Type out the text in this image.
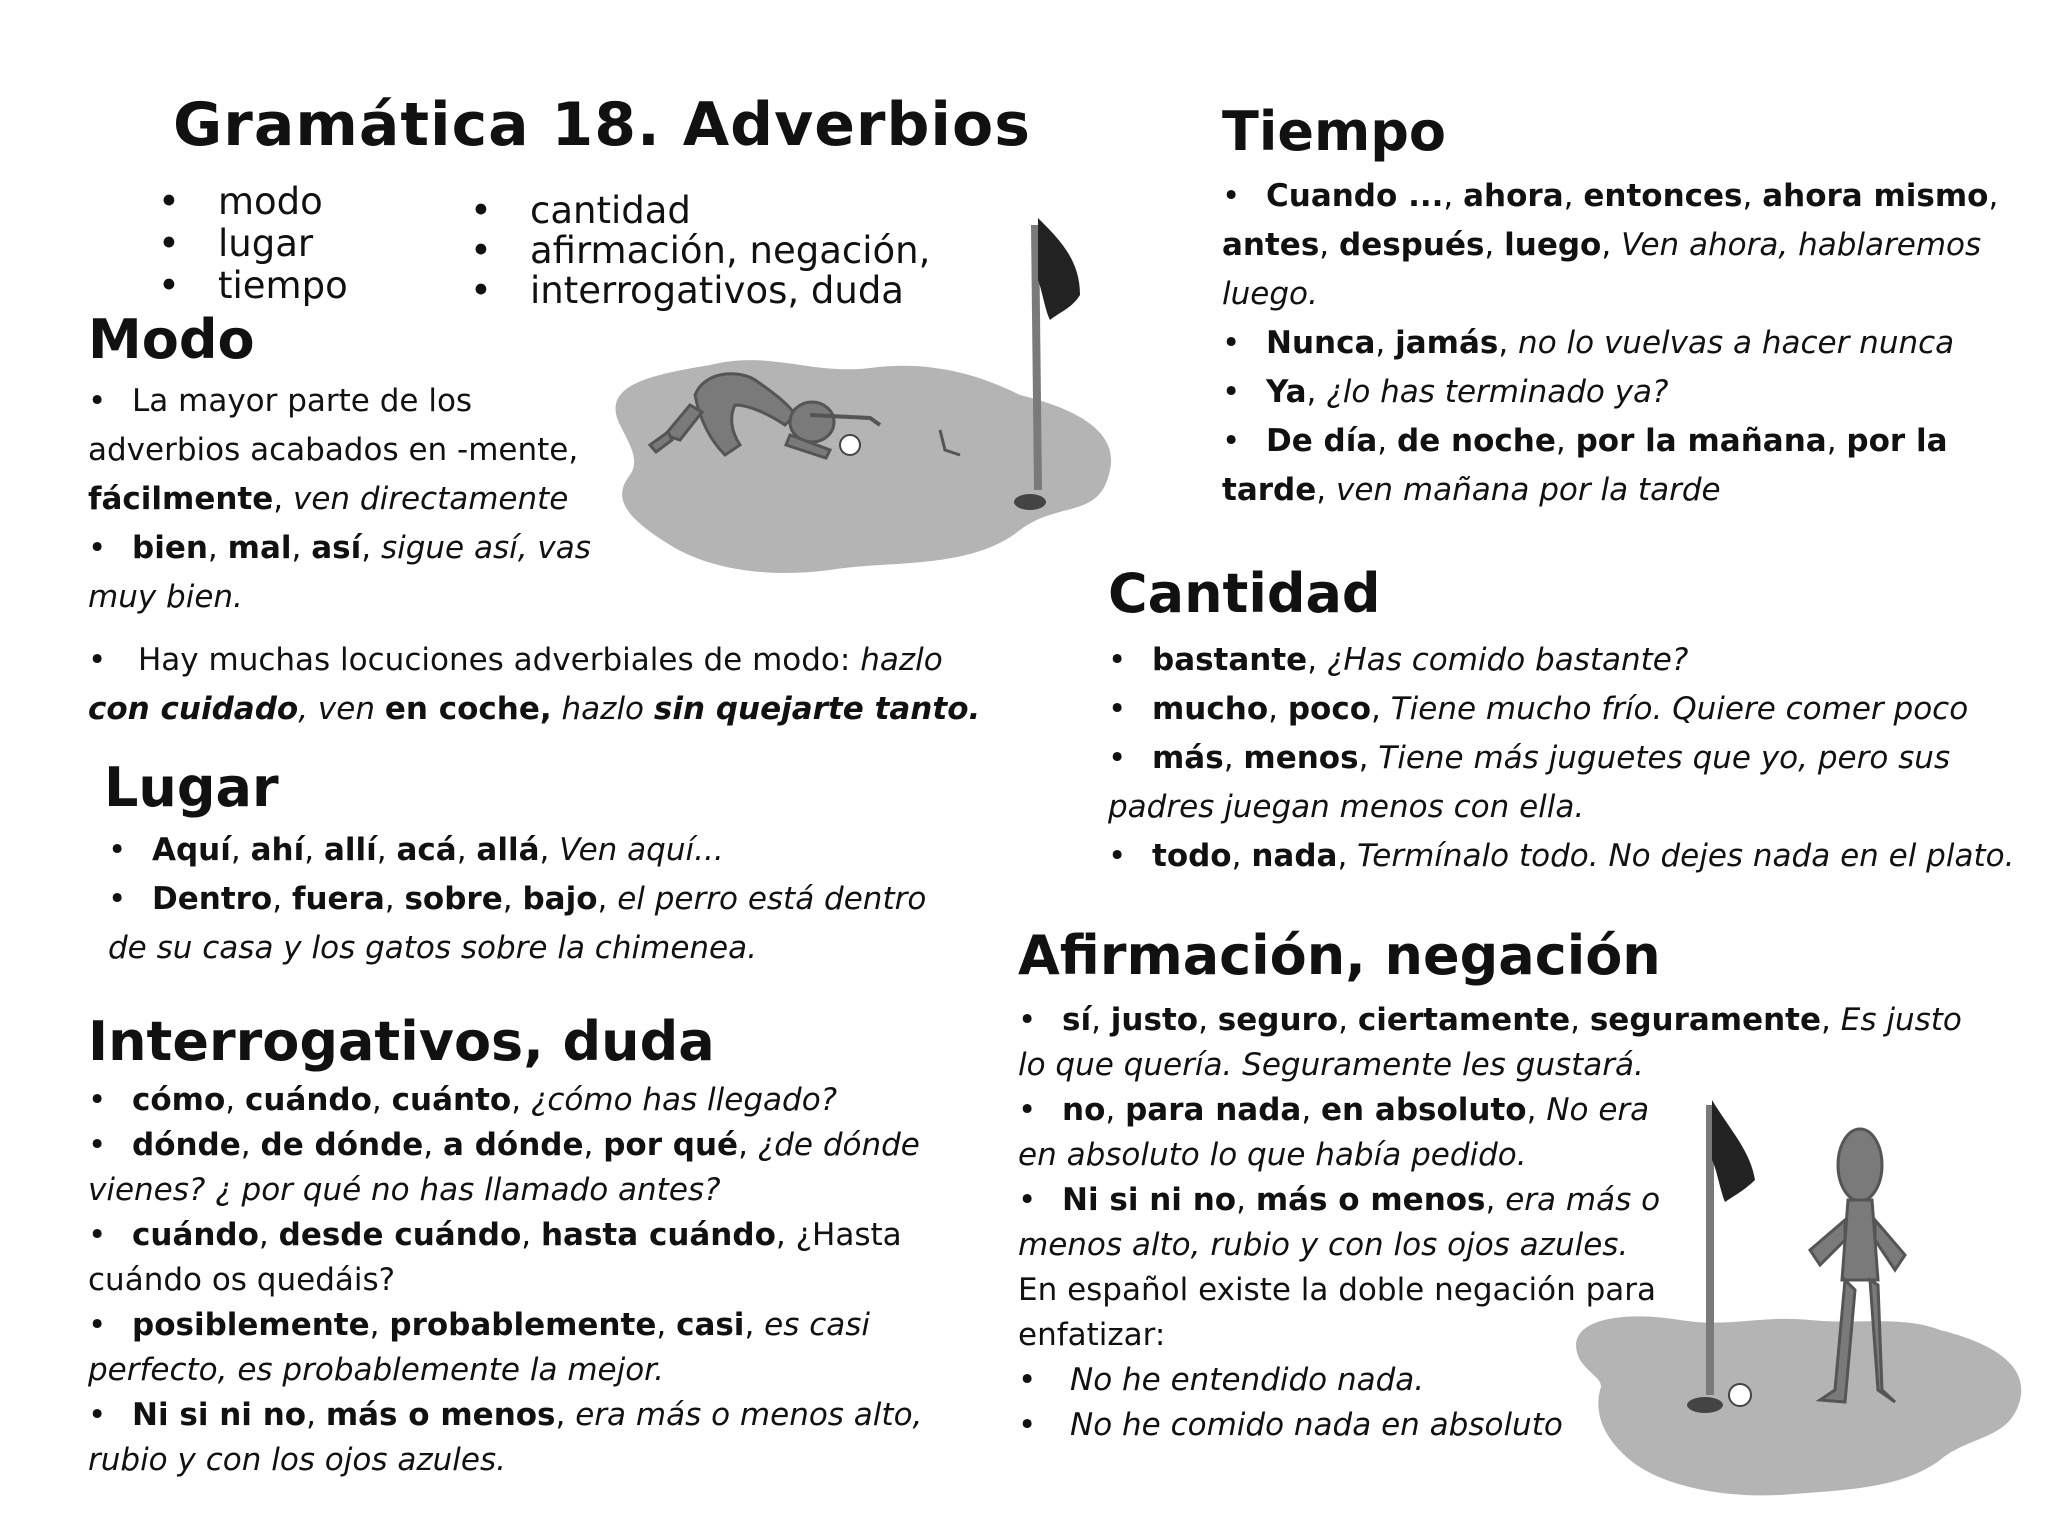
Gramática 18. Adverbios
• modo
• lugar
• tiempo
• cantidad
• afirmación, negación,
• interrogativos, duda
Modo
• La mayor parte de los
adverbios acabados en -mente,
fácilmente, ven directamente
• bien, mal, así, sigue así, vas
muy bien.
• Hay muchas locuciones adverbiales de modo: hazlo
con cuidado, ven en coche, hazlo sin quejarte tanto.
Lugar
• Aquí, ahí, allí, acá, allá, Ven aquí...
• Dentro, fuera, sobre, bajo, el perro está dentro
de su casa y los gatos sobre la chimenea.
Interrogativos, duda
• cómo, cuándo, cuánto, ¿cómo has llegado?
• dónde, de dónde, a dónde, por qué, ¿de dónde
vienes? ¿ por qué no has llamado antes?
• cuándo, desde cuándo, hasta cuándo, ¿Hasta
cuándo os quedáis?
• posiblemente, probablemente, casi, es casi
perfecto, es probablemente la mejor.
• Ni si ni no, más o menos, era más o menos alto,
rubio y con los ojos azules.
Tiempo
• Cuando ..., ahora, entonces, ahora mismo,
antes, después, luego, Ven ahora, hablaremos
luego.
• Nunca, jamás, no lo vuelvas a hacer nunca
• Ya, ¿lo has terminado ya?
• De día, de noche, por la mañana, por la
tarde, ven mañana por la tarde
Cantidad
• bastante, ¿Has comido bastante?
• mucho, poco, Tiene mucho frío. Quiere comer poco
• más, menos, Tiene más juguetes que yo, pero sus
padres juegan menos con ella.
• todo, nada, Termínalo todo. No dejes nada en el plato.
Afirmación, negación
• sí, justo, seguro, ciertamente, seguramente, Es justo
lo que quería. Seguramente les gustará.
• no, para nada, en absoluto, No era
en absoluto lo que había pedido.
• Ni si ni no, más o menos, era más o
menos alto, rubio y con los ojos azules.
En español existe la doble negación para
enfatizar:
• No he entendido nada.
• No he comido nada en absoluto
